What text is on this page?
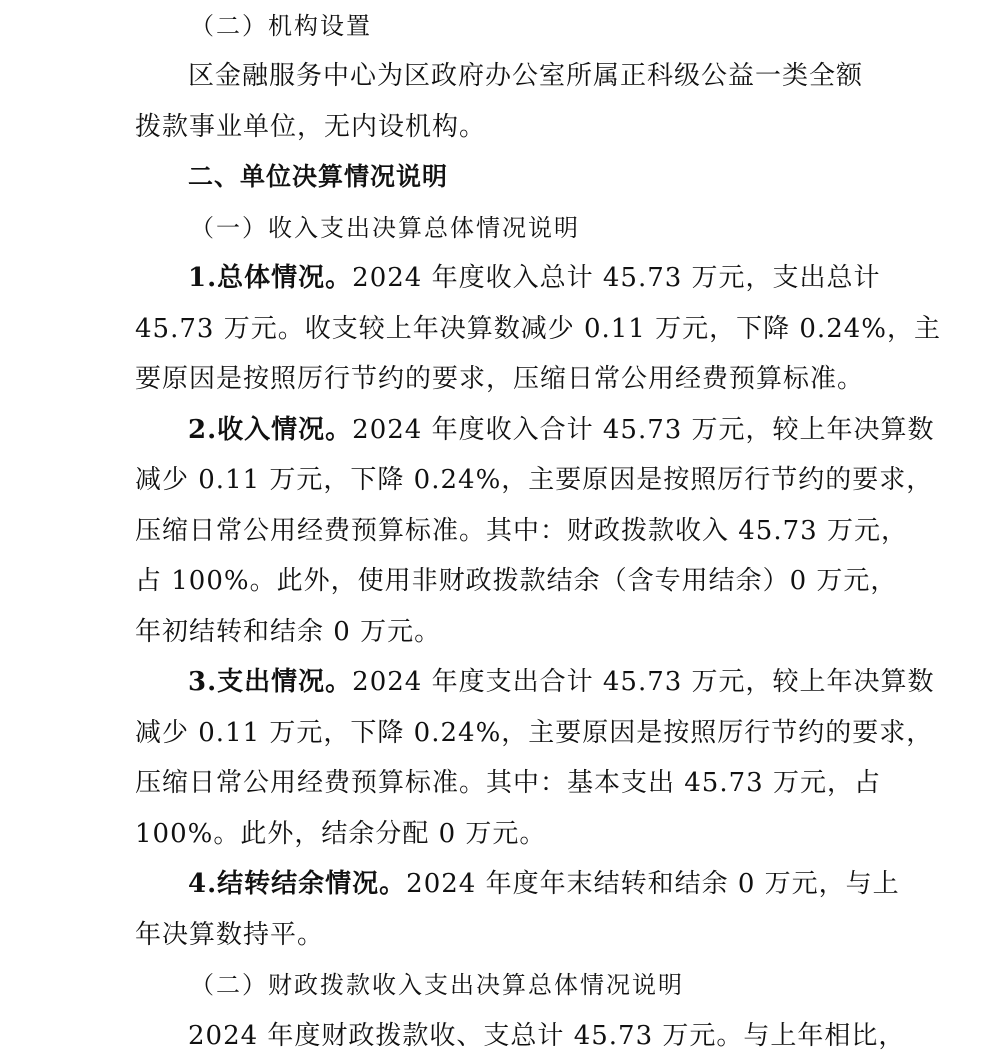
（二）机构设置
区金融服务中心为区政府办公室所属正科级公益一类全额
拨款事业单位，无内设机构。
二、单位决算情况说明
（一）收入支出决算总体情况说明
1.总体情况。2024 年度收入总计 45.73 万元，支出总计
45.73 万元。收支较上年决算数减少 0.11 万元，下降 0.24%，主
要原因是按照厉行节约的要求，压缩日常公用经费预算标准。
2.收入情况。2024 年度收入合计 45.73 万元，较上年决算数
减少 0.11 万元，下降 0.24%，主要原因是按照厉行节约的要求，
压缩日常公用经费预算标准。其中：财政拨款收入 45.73 万元，
占 100%。此外，使用非财政拨款结余（含专用结余）0 万元，
年初结转和结余 0 万元。
3.支出情况。2024 年度支出合计 45.73 万元，较上年决算数
减少 0.11 万元，下降 0.24%，主要原因是按照厉行节约的要求，
压缩日常公用经费预算标准。其中：基本支出 45.73 万元，占
100%。此外，结余分配 0 万元。
4.结转结余情况。2024 年度年末结转和结余 0 万元，与上
年决算数持平。
（二）财政拨款收入支出决算总体情况说明
2024 年度财政拨款收、支总计 45.73 万元。与上年相比，
